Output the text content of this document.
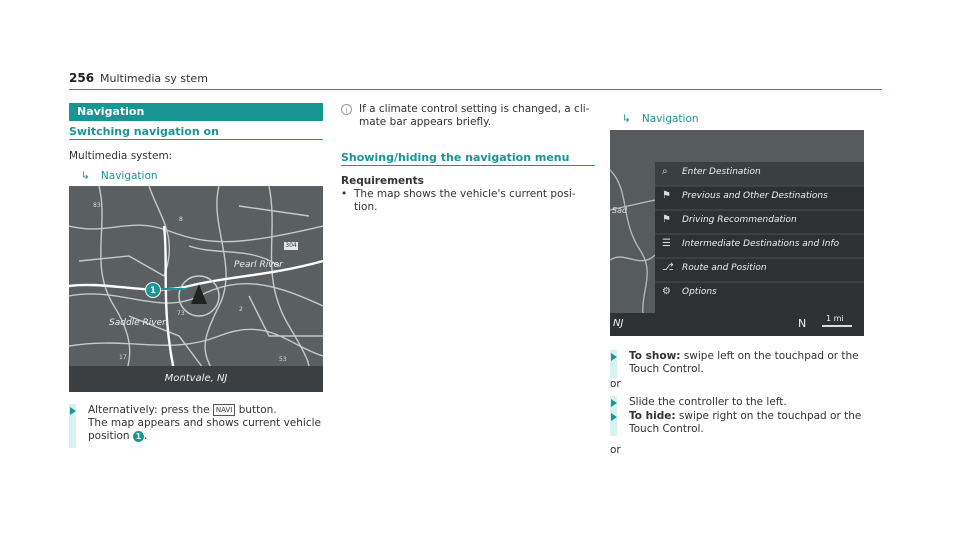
256 Multimedia sy stem
Navigation
Switching navigation on
Multimedia system:
↳ Navigation
1
Pearl River
Saddle River
304
83
17
73
2
8
53
Montvale, NJ
Alternatively: press the NAVI button.
The map appears and shows current vehicle
position 1 .
i	If a climate control setting is changed, a cli-
mate bar appears briefly.
Showing/hiding the navigation menu
Requirements
• The map shows the vehicle's current posi-
tion.
↳ Navigation
⌕
⚑
⚑
☰
⎇
⚙
Enter Destination
Previous and Other Destinations
Driving Recommendation
Intermediate Destinations and Info
Route and Position
Options
Sad
NJ	N 1 mi
To show: swipe left on the touchpad or the
Touch Control.
or
Slide the controller to the left.
To hide: swipe right on the touchpad or the
Touch Control.
or
